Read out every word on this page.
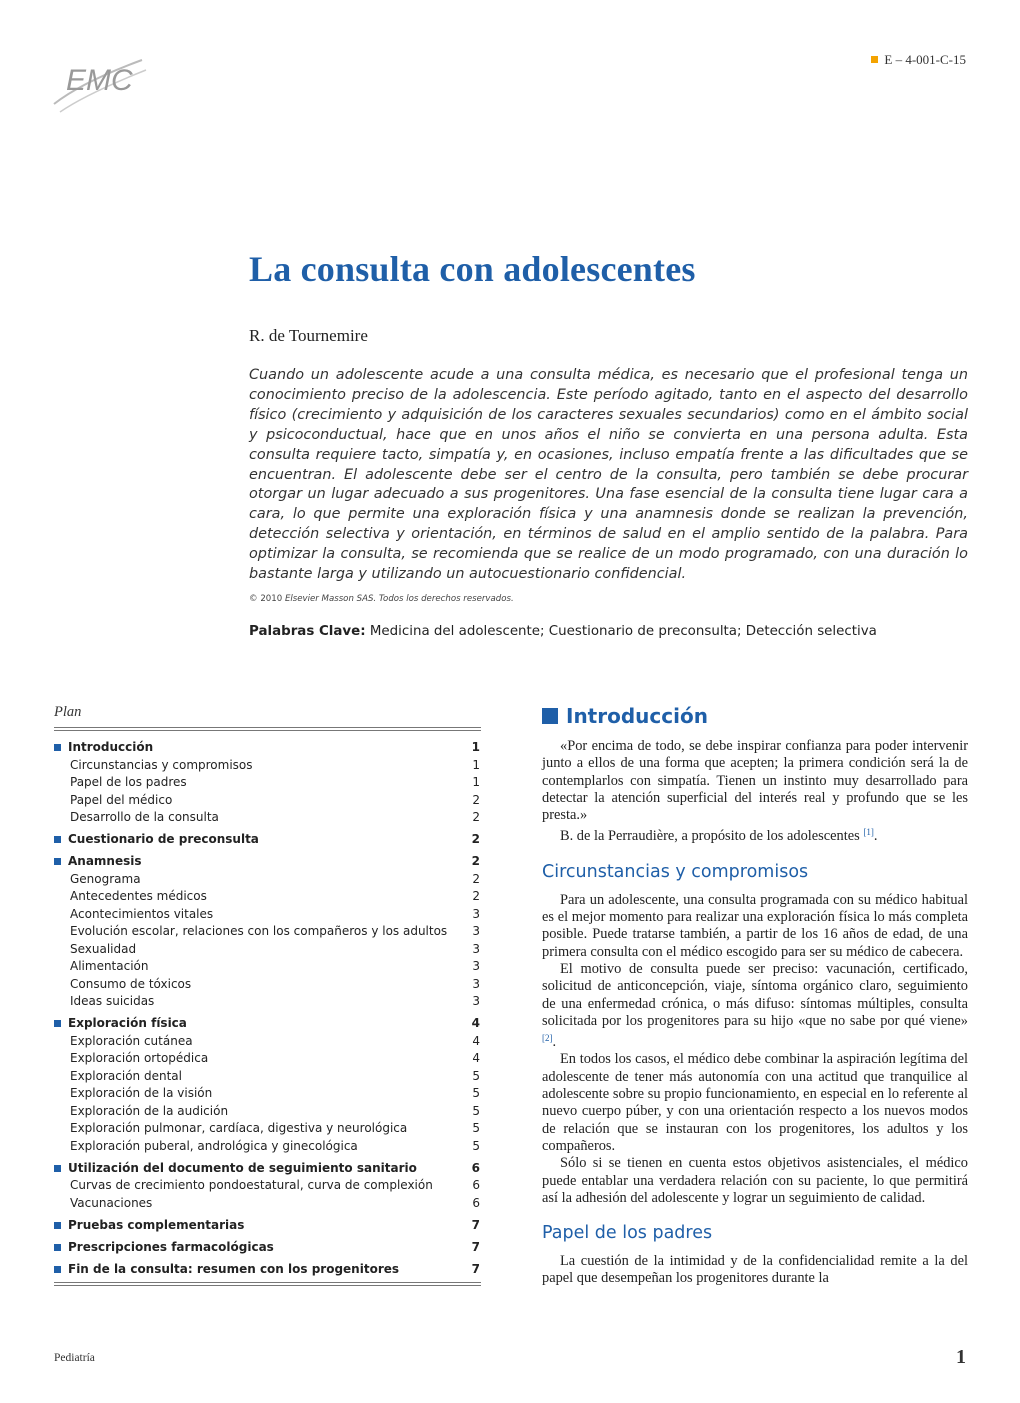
EMC
E – 4-001-C-15
La consulta con adolescentes
R. de Tournemire

Cuando un adolescente acude a una consulta médica, es necesario que el profesional tenga un conocimiento preciso de la adolescencia. Este período agitado, tanto en el aspecto del desarrollo físico (crecimiento y adquisición de los caracteres sexuales secundarios) como en el ámbito social y psicoconductual, hace que en unos años el niño se convierta en una persona adulta. Esta consulta requiere tacto, simpatía y, en ocasiones, incluso empatía frente a las dificultades que se encuentran. El adolescente debe ser el centro de la consulta, pero también se debe procurar otorgar un lugar adecuado a sus progenitores. Una fase esencial de la consulta tiene lugar cara a cara, lo que permite una exploración física y una anamnesis donde se realizan la prevención, detección selectiva y orientación, en términos de salud en el amplio sentido de la palabra. Para optimizar la consulta, se recomienda que se realice de un modo programado, con una duración lo bastante larga y utilizando un autocuestionario confidencial.

© 2010 Elsevier Masson SAS. Todos los derechos reservados.
Palabras Clave: Medicina del adolescente; Cuestionario de preconsulta; Detección selectiva
Plan
Introducción	1
Circunstancias y compromisos	1
Papel de los padres	1
Papel del médico	2
Desarrollo de la consulta	2
Cuestionario de preconsulta	2
Anamnesis	2
Genograma	2
Antecedentes médicos	2
Acontecimientos vitales	3
Evolución escolar, relaciones con los compañeros y los adultos	3
Sexualidad	3
Alimentación	3
Consumo de tóxicos	3
Ideas suicidas	3
Exploración física	4
Exploración cutánea	4
Exploración ortopédica	4
Exploración dental	5
Exploración de la visión	5
Exploración de la audición	5
Exploración pulmonar, cardíaca, digestiva y neurológica	5
Exploración puberal, andrológica y ginecológica	5
Utilización del documento de seguimiento sanitario	6
Curvas de crecimiento pondoestatural, curva de complexión	6
Vacunaciones	6
Pruebas complementarias	7
Prescripciones farmacológicas	7
Fin de la consulta: resumen con los progenitores	7
Introducción

«Por encima de todo, se debe inspirar confianza para poder intervenir junto a ellos de una forma que acepten; la primera condición será la de contemplarlos con simpatía. Tienen un instinto muy desarrollado para detectar la atención superficial del interés real y profundo que se les presta.»

B. de la Perraudière, a propósito de los adolescentes [1].

Circunstancias y compromisos

Para un adolescente, una consulta programada con su médico habitual es el mejor momento para realizar una exploración física lo más completa posible. Puede tratarse también, a partir de los 16 años de edad, de una primera consulta con el médico escogido para ser su médico de cabecera.

El motivo de consulta puede ser preciso: vacunación, certificado, solicitud de anticoncepción, viaje, síntoma orgánico claro, seguimiento de una enfermedad crónica, o más difuso: síntomas múltiples, consulta solicitada por los progenitores para su hijo «que no sabe por qué viene» [2].

En todos los casos, el médico debe combinar la aspiración legítima del adolescente de tener más autonomía con una actitud que tranquilice al adolescente sobre su propio funcionamiento, en especial en lo referente al nuevo cuerpo púber, y con una orientación respecto a los nuevos modos de relación que se instauran con los progenitores, los adultos y los compañeros.

Sólo si se tienen en cuenta estos objetivos asistenciales, el médico puede entablar una verdadera relación con su paciente, lo que permitirá así la adhesión del adolescente y lograr un seguimiento de calidad.

Papel de los padres

La cuestión de la intimidad y de la confidencialidad remite a la del papel que desempeñan los progenitores durante la

Pediatría	1
